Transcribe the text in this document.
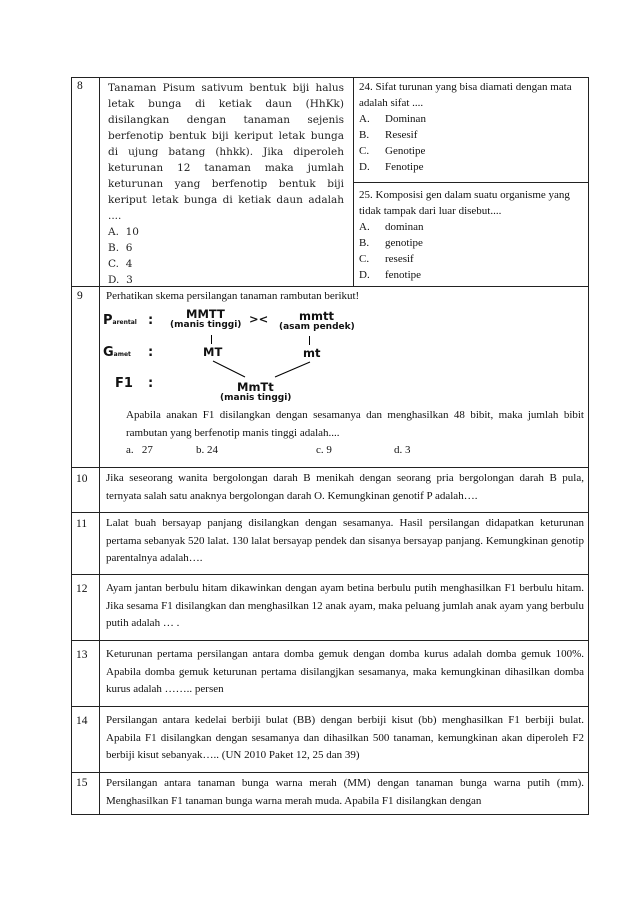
8 Tanaman Pisum sativum bentuk biji halus letak bunga di ketiak daun (HhKk) disilangkan dengan tanaman sejenis berfenotip bentuk biji keriput letak bunga di ujung batang (hhkk). Jika diperoleh keturunan 12 tanaman maka jumlah keturunan yang berfenotip bentuk biji keriput letak bunga di ketiak daun adalah ....

A. 10
B. 6
C. 4
D. 3
24. Sifat turunan yang bisa diamati dengan mata adalah sifat ....
A.	Dominan
B.	Resesif
C.	Genotipe
D.	Fenotipe
25. Komposisi gen dalam suatu organisme yang tidak tampak dari luar disebut....
A.	dominan
B.	genotipe
C.	resesif
D.	fenotipe
9 Perhatikan skema persilangan tanaman rambutan berikut!
Parental :	MMTT
(manis tinggi) ><	mmtt
(asam pendek)
Gamet :	MT	mt
F1 :	MmTt
(manis tinggi)
Apabila anakan F1 disilangkan dengan sesamanya dan menghasilkan 48 bibit, maka jumlah bibit rambutan yang berfenotip manis tinggi adalah....
a. 27	b. 24	c. 9	d. 3
10 Jika seseorang wanita bergolongan darah B menikah dengan seorang pria bergolongan darah B pula, ternyata salah satu anaknya bergolongan darah O. Kemungkinan genotif P adalah….
11 Lalat buah bersayap panjang disilangkan dengan sesamanya. Hasil persilangan didapatkan keturunan pertama sebanyak 520 lalat. 130 lalat bersayap pendek dan sisanya bersayap panjang. Kemungkinan genotip parentalnya adalah….
12 Ayam jantan berbulu hitam dikawinkan dengan ayam betina berbulu putih menghasilkan F1 berbulu hitam. Jika sesama F1 disilangkan dan menghasilkan 12 anak ayam, maka peluang jumlah anak ayam yang berbulu putih adalah … .
13 Keturunan pertama persilangan antara domba gemuk dengan domba kurus adalah domba gemuk 100%. Apabila domba gemuk keturunan pertama disilangjkan sesamanya, maka kemungkinan dihasilkan domba kurus adalah …….. persen
14 Persilangan antara kedelai berbiji bulat (BB) dengan berbiji kisut (bb) menghasilkan F1 berbiji bulat. Apabila F1 disilangkan dengan sesamanya dan dihasilkan 500 tanaman, kemungkinan akan diperoleh F2 berbiji kisut sebanyak….. (UN 2010 Paket 12, 25 dan 39)
15 Persilangan antara tanaman bunga warna merah (MM) dengan tanaman bunga warna putih (mm). Menghasilkan F1 tanaman bunga warna merah muda. Apabila F1 disilangkan dengan
